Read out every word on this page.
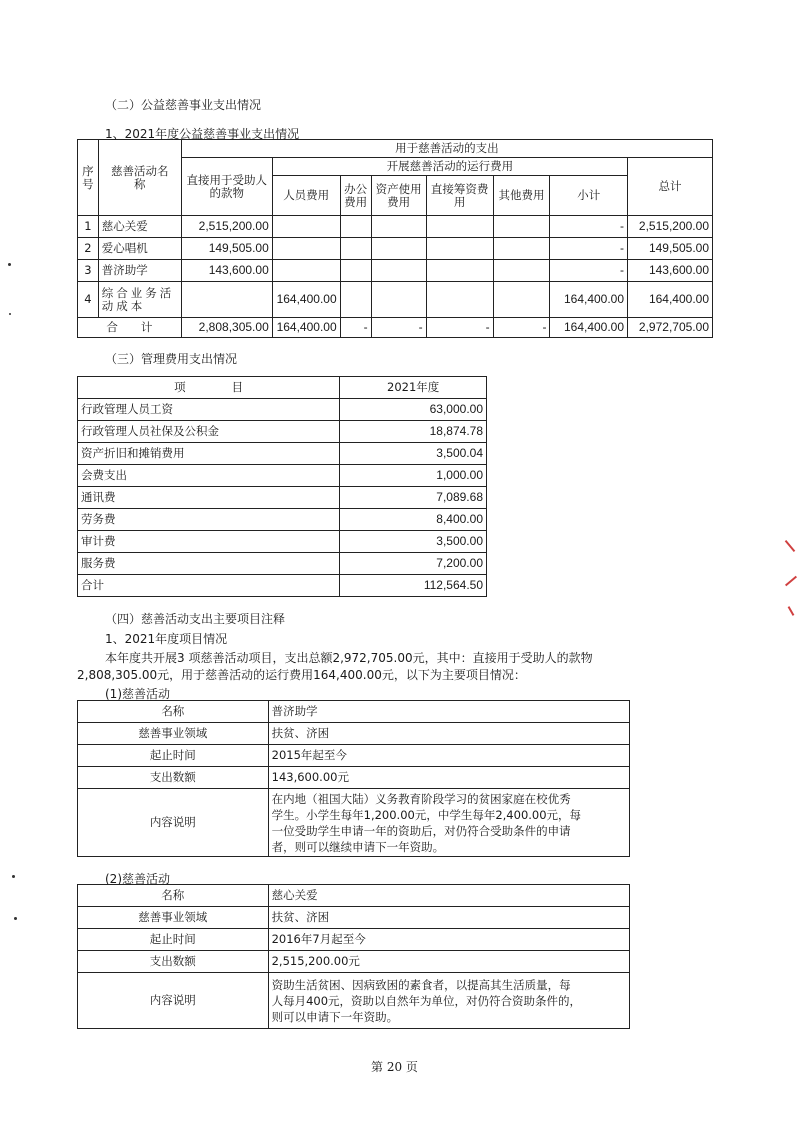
（二）公益慈善事业支出情况
1、2021年度公益慈善事业支出情况
序号	慈善活动名称	用于慈善活动的支出							
		直接用于受助人的款物	开展慈善活动的运行费用						总计
			人员费用	办公费用	资产使用费用	直接筹资费用	其他费用	小计	
1	慈心关爱	2,515,200.00						-	2,515,200.00
2	爱心唱机	149,505.00						-	149,505.00
3	普济助学	143,600.00						-	143,600.00
4	综合业务活动成本		164,400.00					164,400.00	164,400.00
合　　计		2,808,305.00	164,400.00	-	-	-	-	164,400.00	2,972,705.00
（三）管理费用支出情况
项　　　　目	2021年度
行政管理人员工资	63,000.00
行政管理人员社保及公积金	18,874.78
资产折旧和摊销费用	3,500.04
会费支出	1,000.00
通讯费	7,089.68
劳务费	8,400.00
审计费	3,500.00
服务费	7,200.00
合计	112,564.50
（四）慈善活动支出主要项目注释
1、2021年度项目情况
本年度共开展3 项慈善活动项目，支出总额2,972,705.00元，其中：直接用于受助人的款物
2,808,305.00元，用于慈善活动的运行费用164,400.00元，以下为主要项目情况：
(1)慈善活动
名称	普济助学
慈善事业领域	扶贫、济困
起止时间	2015年起至今
支出数额	143,600.00元
内容说明	在内地（祖国大陆）义务教育阶段学习的贫困家庭在校优秀
学生。小学生每年1,200.00元，中学生每年2,400.00元，每
一位受助学生申请一年的资助后，对仍符合受助条件的申请
者，则可以继续申请下一年资助。
(2)慈善活动
名称	慈心关爱
慈善事业领域	扶贫、济困
起止时间	2016年7月起至今
支出数额	2,515,200.00元
内容说明	资助生活贫困、因病致困的素食者，以提高其生活质量，每
人每月400元，资助以自然年为单位，对仍符合资助条件的，
则可以申请下一年资助。
第 20 页
